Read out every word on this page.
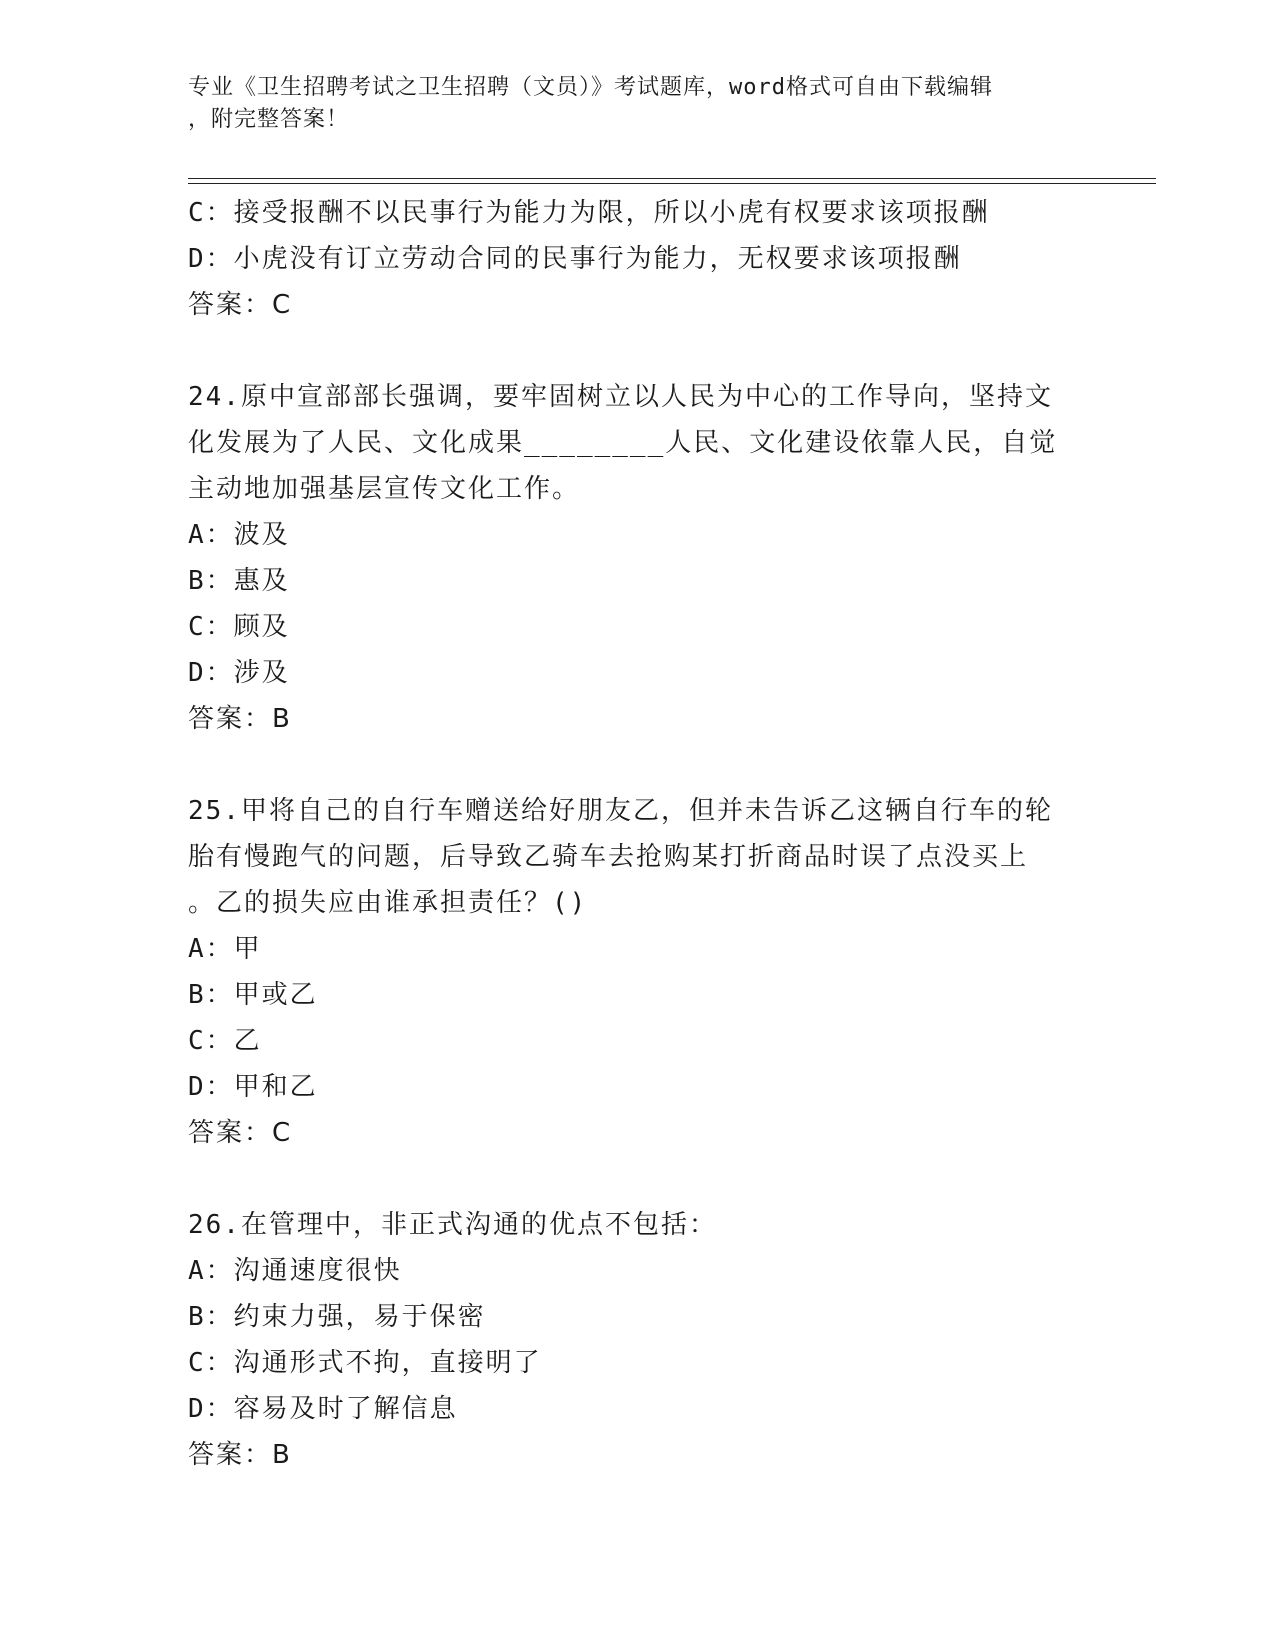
专业《卫生招聘考试之卫生招聘（文员）》考试题库，word格式可自由下载编辑
，附完整答案！
C：接受报酬不以民事行为能力为限，所以小虎有权要求该项报酬
D：小虎没有订立劳动合同的民事行为能力，无权要求该项报酬
答案：C
24.原中宣部部长强调，要牢固树立以人民为中心的工作导向，坚持文
化发展为了人民、文化成果________人民、文化建设依靠人民，自觉
主动地加强基层宣传文化工作。
A：波及
B：惠及
C：顾及
D：涉及
答案：B
25.甲将自己的自行车赠送给好朋友乙，但并未告诉乙这辆自行车的轮
胎有慢跑气的问题，后导致乙骑车去抢购某打折商品时误了点没买上
。乙的损失应由谁承担责任？()
A：甲
B：甲或乙
C：乙
D：甲和乙
答案：C
26.在管理中，非正式沟通的优点不包括：
A：沟通速度很快
B：约束力强，易于保密
C：沟通形式不拘，直接明了
D：容易及时了解信息
答案：B
